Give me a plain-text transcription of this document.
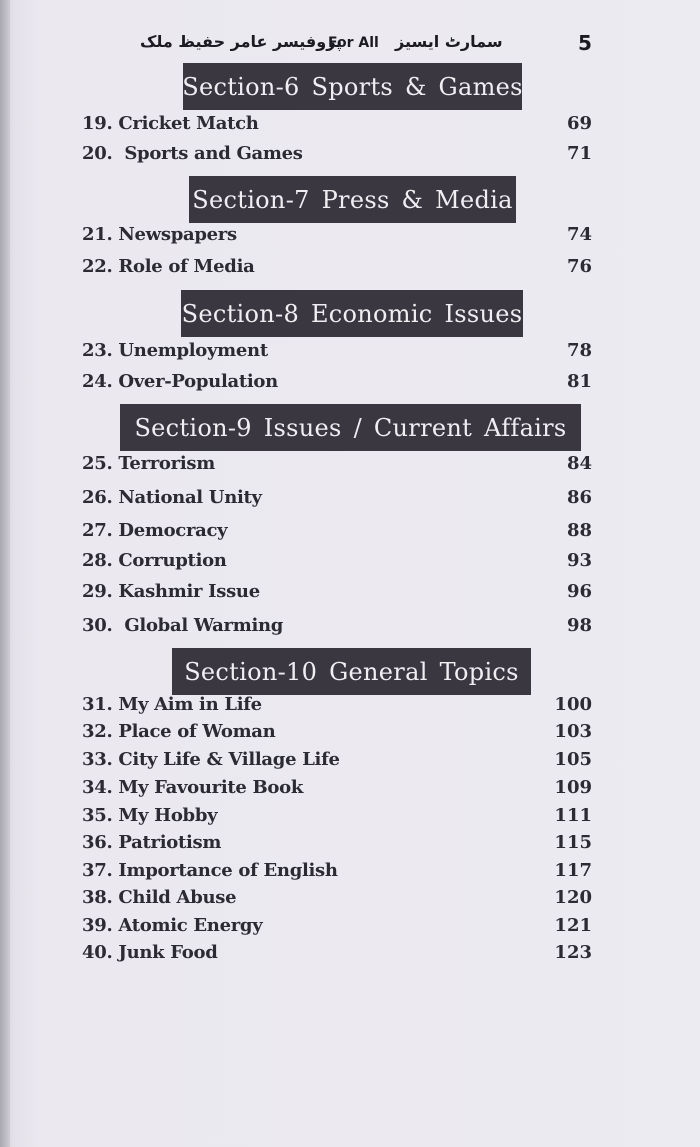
پروفیسر عامر حفیظ ملک
For All سمارٹ ایسیز	5
Section-6 Sports & Games
19. Cricket Match	69
20.  Sports and Games	71
Section-7 Press & Media
21. Newspapers	74
22. Role of Media	76
Section-8 Economic Issues
23. Unemployment	78
24. Over-Population	81
Section-9 Issues / Current Affairs
25. Terrorism	84
26. National Unity	86
27. Democracy	88
28. Corruption	93
29. Kashmir Issue	96
30.  Global Warming	98
Section-10 General Topics
31. My Aim in Life	100
32. Place of Woman	103
33. City Life & Village Life	105
34. My Favourite Book	109
35. My Hobby	111
36. Patriotism	115
37. Importance of English	117
38. Child Abuse	120
39. Atomic Energy	121
40. Junk Food	123
